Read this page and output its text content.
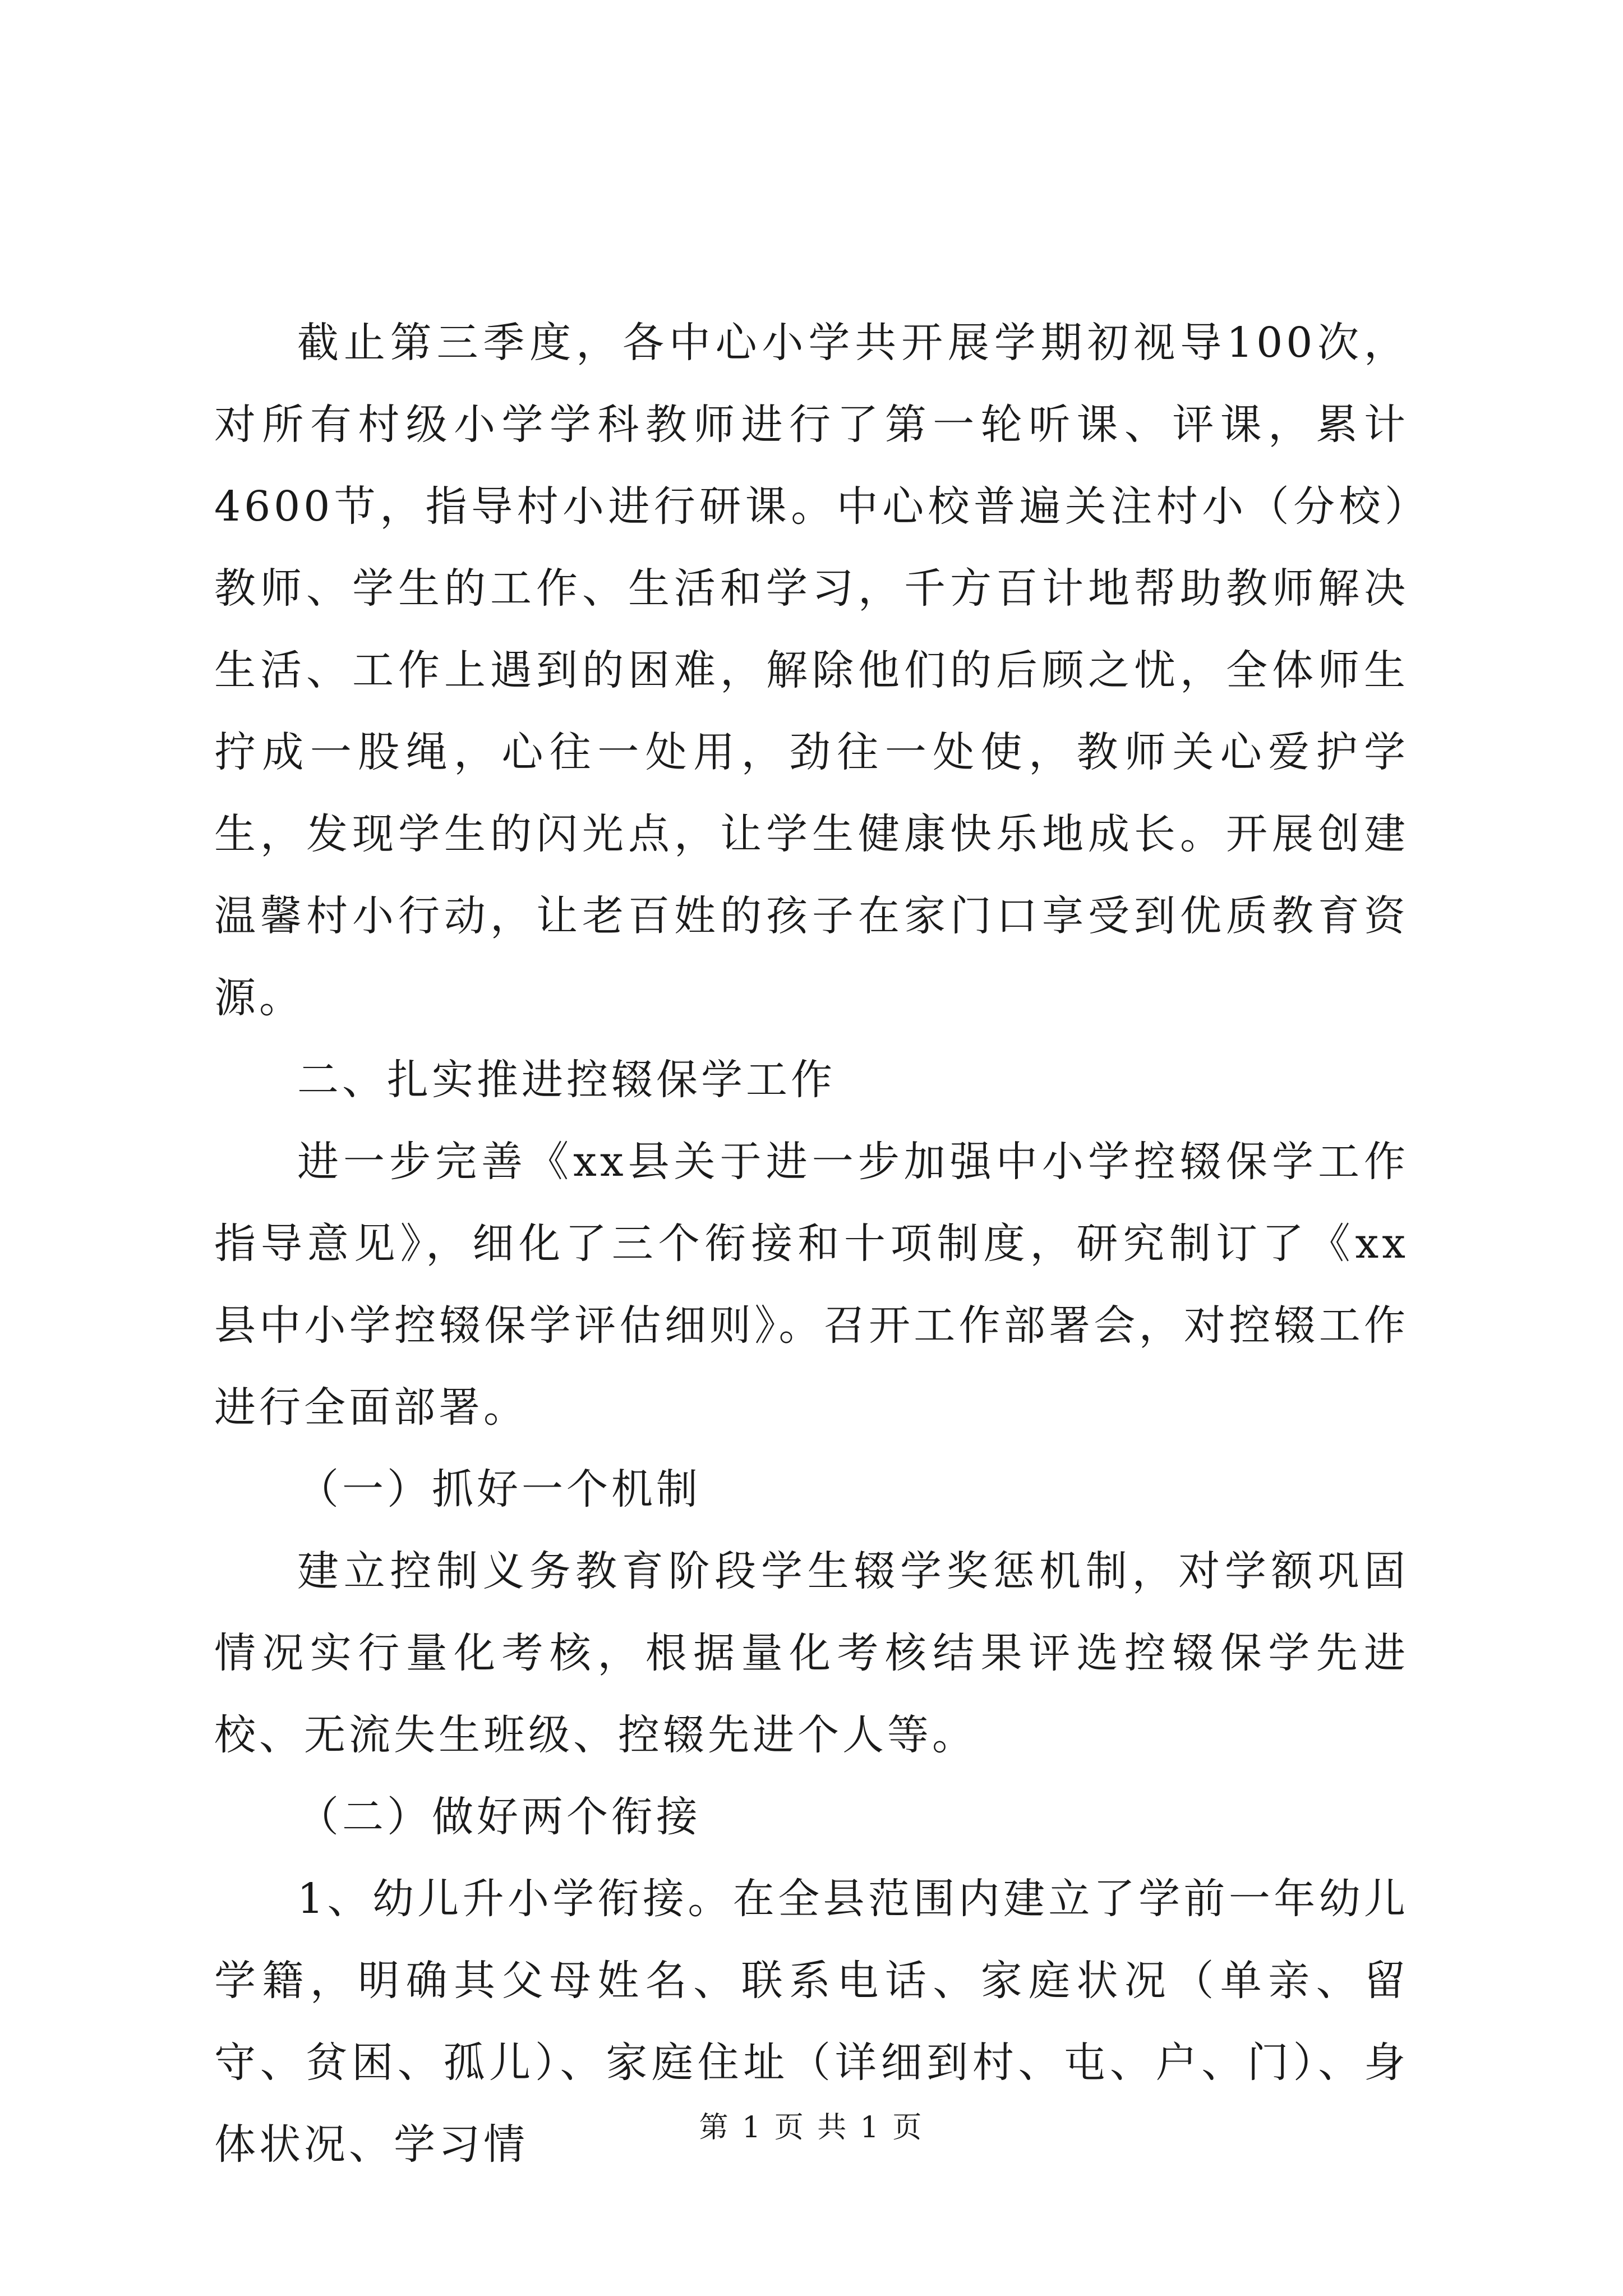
截止第三季度，各中心小学共开展学期初视导100次，对所有村级小学学科教师进行了第一轮听课、评课，累计4600节，指导村小进行研课。中心校普遍关注村小（分校）教师、学生的工作、生活和学习，千方百计地帮助教师解决生活、工作上遇到的困难，解除他们的后顾之忧，全体师生拧成一股绳，心往一处用，劲往一处使，教师关心爱护学生，发现学生的闪光点，让学生健康快乐地成长。开展创建温馨村小行动，让老百姓的孩子在家门口享受到优质教育资源。

二、扎实推进控辍保学工作

进一步完善《xx县关于进一步加强中小学控辍保学工作指导意见》，细化了三个衔接和十项制度，研究制订了《xx县中小学控辍保学评估细则》。召开工作部署会，对控辍工作进行全面部署。

（一）抓好一个机制

建立控制义务教育阶段学生辍学奖惩机制，对学额巩固情况实行量化考核，根据量化考核结果评选控辍保学先进校、无流失生班级、控辍先进个人等。

（二）做好两个衔接

1、幼儿升小学衔接。在全县范围内建立了学前一年幼儿学籍，明确其父母姓名、联系电话、家庭状况（单亲、留守、贫困、孤儿）、家庭住址（详细到村、屯、户、门）、身体状况、学习情	第 1 页 共 1 页
